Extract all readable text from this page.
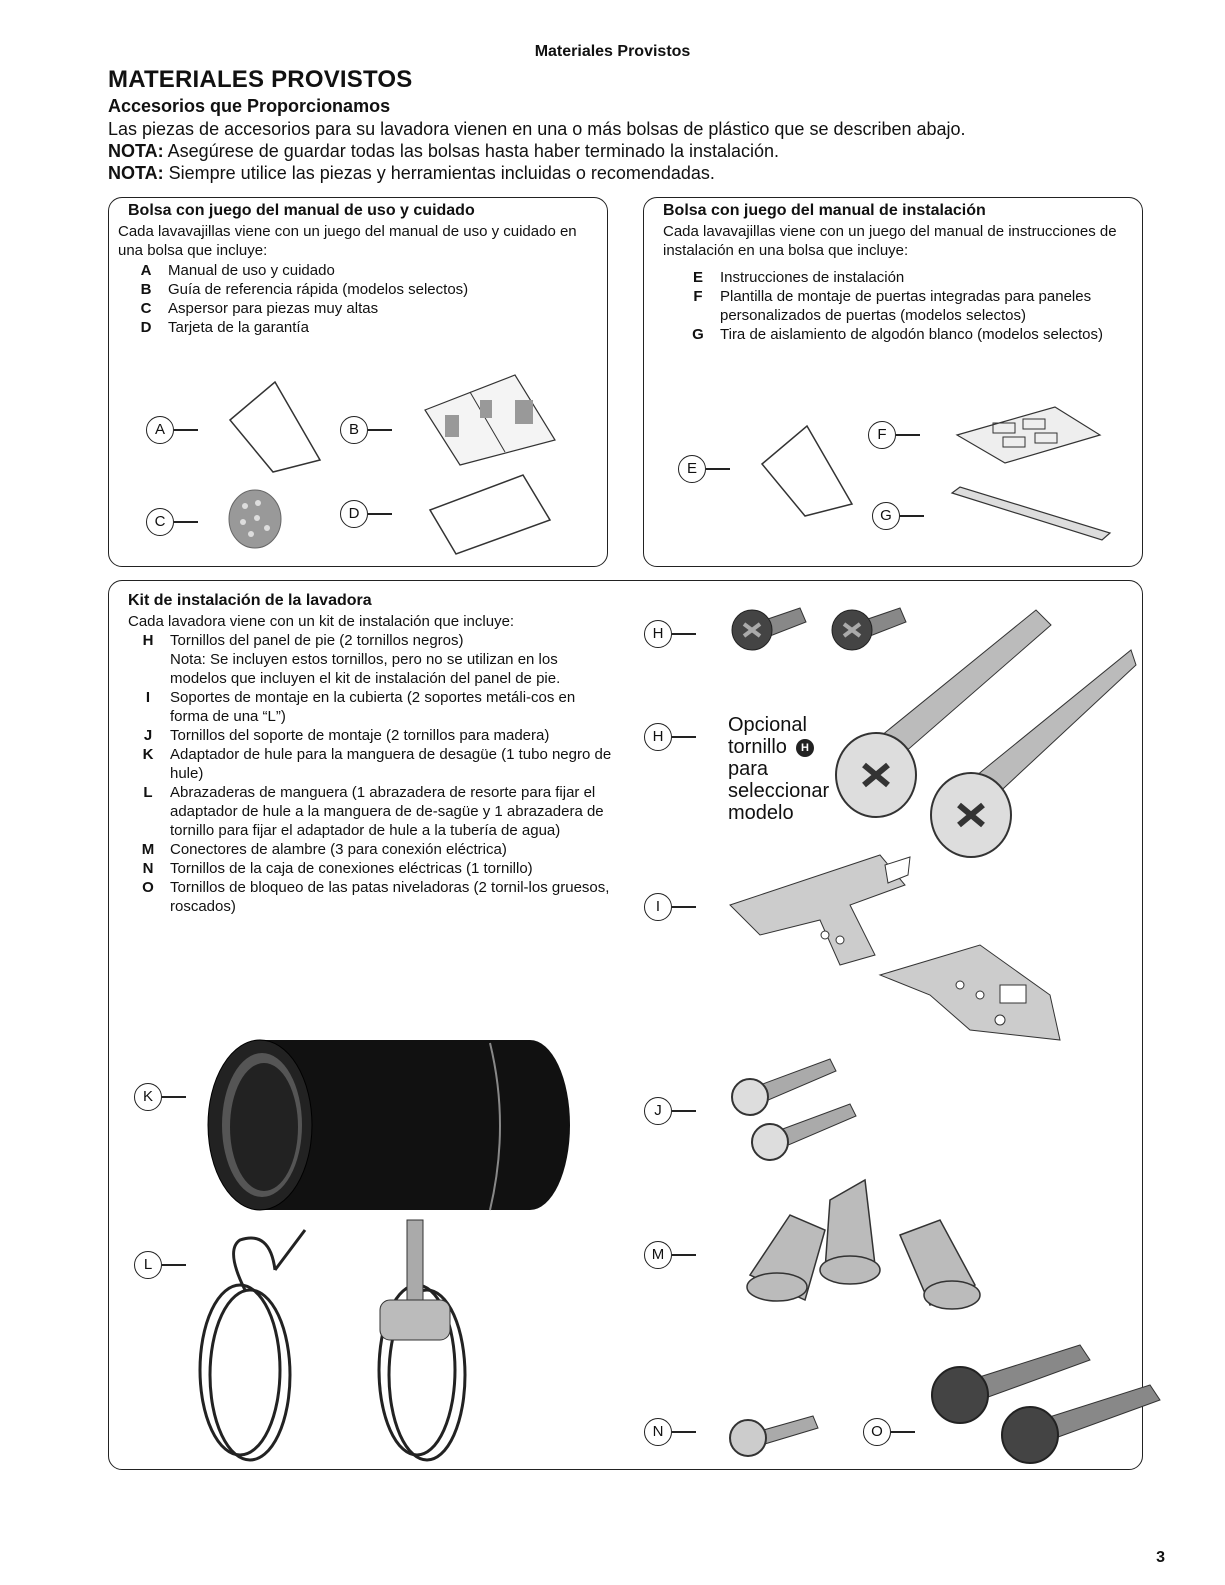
Materiales Provistos
MATERIALES PROVISTOS
Accesorios que Proporcionamos
Las piezas de accesorios para su lavadora vienen en una o más bolsas de plástico que se describen abajo.
NOTA: Asegúrese de guardar todas las bolsas hasta haber terminado la instalación.
NOTA: Siempre utilice las piezas y herramientas incluidas o recomendadas.
Bolsa con juego del manual de uso y cuidado
Cada lavavajillas viene con un juego del manual de uso y cuidado en una bolsa que incluye:
A	Manual de uso y cuidado
B	Guía de referencia rápida (modelos selectos)
C	Aspersor para piezas muy altas
D	Tarjeta de la garantía
A	B
C	D
Bolsa con juego del manual de instalación
Cada lavavajillas viene con un juego del manual de instrucciones de instalación en una bolsa que incluye:
E	Instrucciones de instalación
F	Plantilla de montaje de puertas integradas para paneles personalizados de puertas (modelos selectos)
G	Tira de aislamiento de algodón blanco (modelos selectos)
E
F
G
Kit de instalación de la lavadora
Cada lavadora viene con un kit de instalación que incluye:
H	Tornillos del panel de pie (2 tornillos negros)
Nota: Se incluyen estos tornillos, pero no se utilizan en los modelos que incluyen el kit de instalación del panel de pie.
I	Soportes de montaje en la cubierta (2 soportes metáli-cos en forma de una “L”)
J	Tornillos del soporte de montaje (2 tornillos para madera)
K	Adaptador de hule para la manguera de desagüe (1 tubo negro de hule)
L	Abrazaderas de manguera (1 abrazadera de resorte para fijar el adaptador de hule a la manguera de de-sagüe y 1 abrazadera de tornillo para fijar el adaptador de hule a la tubería de agua)
M	Conectores de alambre (3 para conexión eléctrica)
N	Tornillos de la caja de conexiones eléctricas (1 tornillo)
O	Tornillos de bloqueo de las patas niveladoras (2 tornil-los gruesos, roscados)
H
H
I
J
K
L
M
N	O
Opcional
tornillo
para
seleccionar
modelo
H
3
